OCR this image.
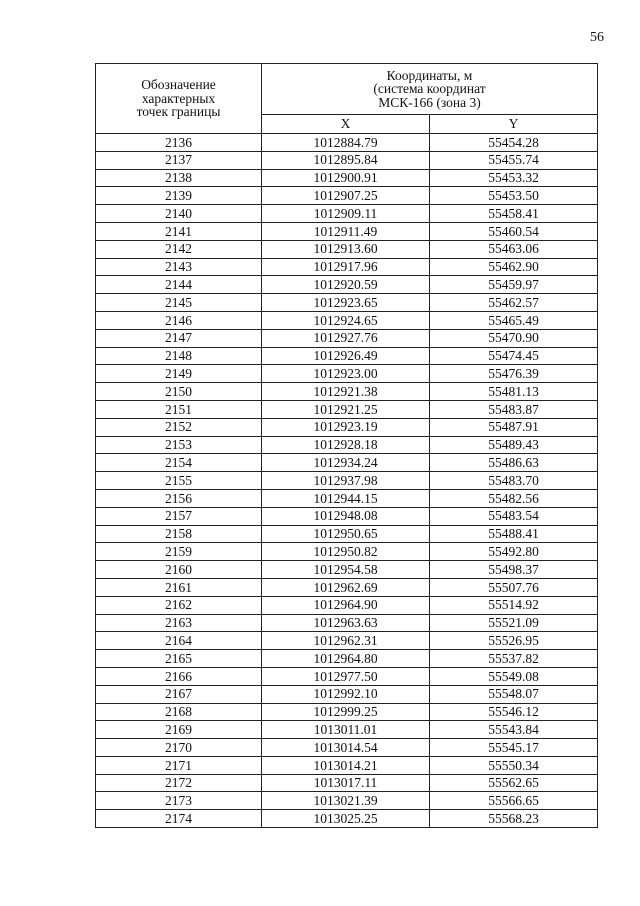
56
Обозначение
характерных
точек границы	Координаты, м
(система координат
МСК-166 (зона 3)	

	X	Y
2136	1012884.79	55454.28
2137	1012895.84	55455.74
2138	1012900.91	55453.32
2139	1012907.25	55453.50
2140	1012909.11	55458.41
2141	1012911.49	55460.54
2142	1012913.60	55463.06
2143	1012917.96	55462.90
2144	1012920.59	55459.97
2145	1012923.65	55462.57
2146	1012924.65	55465.49
2147	1012927.76	55470.90
2148	1012926.49	55474.45
2149	1012923.00	55476.39
2150	1012921.38	55481.13
2151	1012921.25	55483.87
2152	1012923.19	55487.91
2153	1012928.18	55489.43
2154	1012934.24	55486.63
2155	1012937.98	55483.70
2156	1012944.15	55482.56
2157	1012948.08	55483.54
2158	1012950.65	55488.41
2159	1012950.82	55492.80
2160	1012954.58	55498.37
2161	1012962.69	55507.76
2162	1012964.90	55514.92
2163	1012963.63	55521.09
2164	1012962.31	55526.95
2165	1012964.80	55537.82
2166	1012977.50	55549.08
2167	1012992.10	55548.07
2168	1012999.25	55546.12
2169	1013011.01	55543.84
2170	1013014.54	55545.17
2171	1013014.21	55550.34
2172	1013017.11	55562.65
2173	1013021.39	55566.65
2174	1013025.25	55568.23
